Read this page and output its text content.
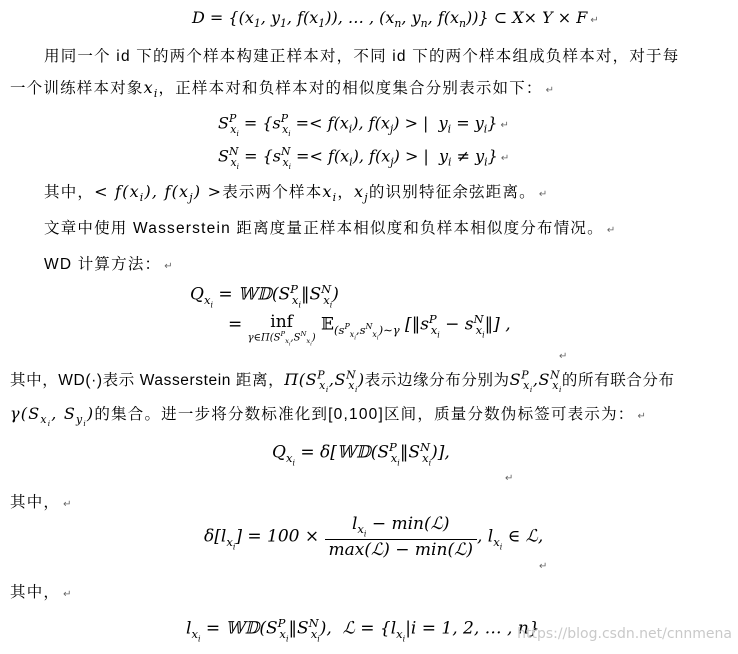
$D = \{(x_1$, $y_1$, $f(x_1)$), … , ($x_n$, $y_n$, $f(x_n)$)} ⊂ X× Y × F ↵
用同一个 id 下的两个样本构建正样本对，不同 id 下的两个样本组成负样本对，对于每
一个训练样本对象$x_i$，正样本对和负样本对的相似度集合分别表示如下： ↵
$S^P_{x_i} = \{s^P_{x_i} =< f(x_i)$, $f(x_j)$ > |  $y_i = y_i$} ↵
$S^N_{x_i} = \{s^N_{x_i} =< f(x_i)$, $f(x_j)$ > |  $y_i \ne y_i$} ↵
其中，< $f(x_i)$, $f(x_j)$ >表示两个样本$x_i$，$x_j$的识别特征余弦距离。 ↵
文章中使用 Wasserstein 距离度量正样本相似度和负样本相似度分布情况。 ↵
WD 计算方法： ↵
$Q_{x_i}$ = $𝕎𝔻(S^P_{x_i}‖S^N_{x_i})$
=	inf
$\gamma\in\Pi(S^P_{x_i},S^N_{x_i})$
𝔼$_{(s^P_{x_i},s^N_{x_i})\sim\gamma}$ [$‖s^P_{x_i}$ − $s^N_{x_i}‖$] ,
↵
其中，WD(·)表示 Wasserstein 距离，$\Pi(S^P_{x_i},S^N_{x_i})$表示边缘分布分别为$S^P_{x_i},S^N_{x_i}$的所有联合分布
$\gamma(S_{x_i}$, $S_{y_i}$)的集合。进一步将分数标准化到[0,100]区间，质量分数伪标签可表示为： ↵
$Q_{x_i}$ = $\delta[𝕎𝔻(S^P_{x_i}‖S^N_{x_i})]$,
↵
其中， ↵
$\delta[l_{x_i}] = 100 \times \frac{l_{x_i} - \min(ℒ)}{\text{max(ℒ) − min(ℒ)}}$ , $l_{x_i}$ ∈ ℒ,
↵
其中， ↵
$l_{x_i}$ = $𝕎𝔻(S^P_{x_i}‖S^N_{x_i})$,  ℒ = {$l_{x_i}|i = 1$, 2, … , n}
https://blog.csdn.net/cnnmena
